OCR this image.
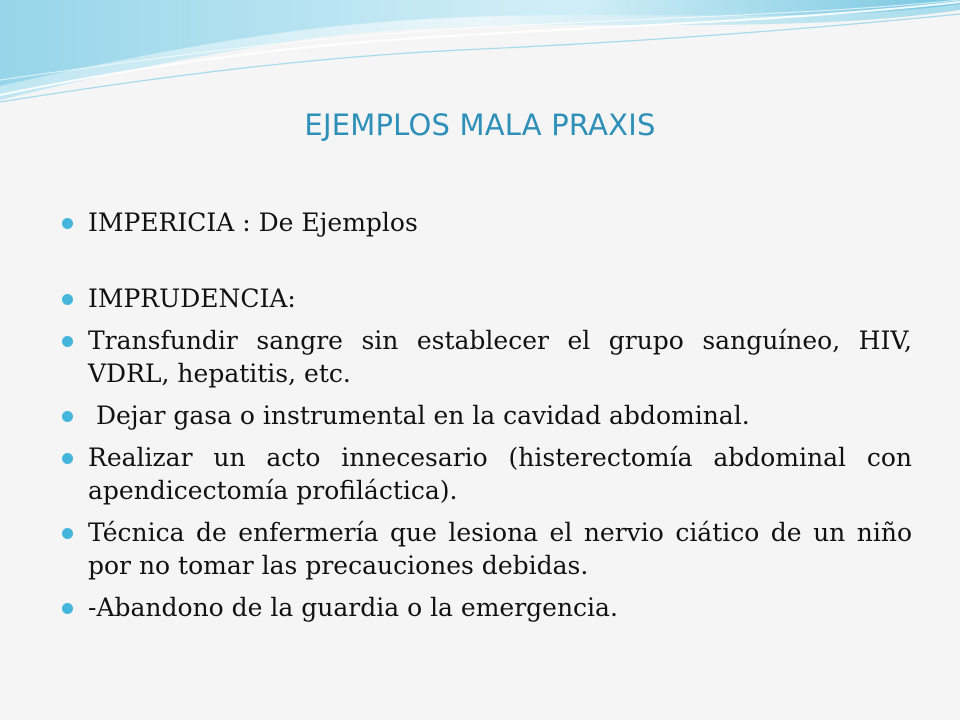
EJEMPLOS MALA PRAXIS
IMPERICIA : De Ejemplos
IMPRUDENCIA:
Transfundir sangre sin establecer el grupo sanguíneo, HIV, VDRL, hepatitis, etc.
Dejar gasa o instrumental en la cavidad abdominal.
Realizar un acto innecesario (histerectomía abdominal con apendicectomía profiláctica).
Técnica de enfermería que lesiona el nervio ciático de un niño por no tomar las precauciones debidas.
-Abandono de la guardia o la emergencia.
